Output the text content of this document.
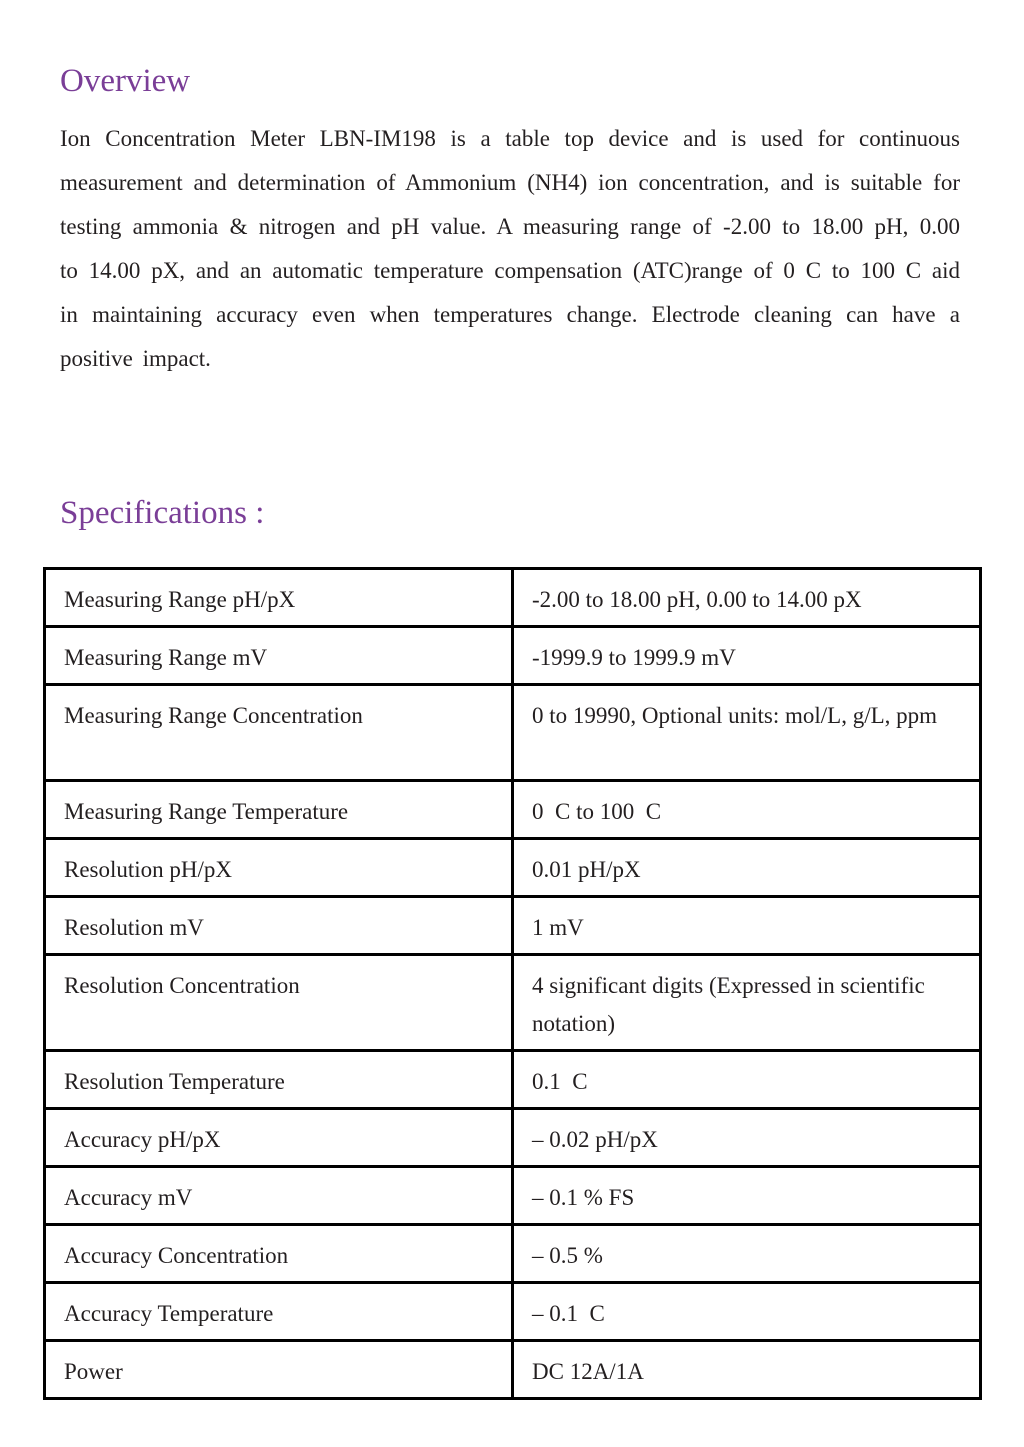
Overview

Ion Concentration Meter LBN-IM198 is a table top device and is used for continuous measurement and determination of Ammonium (NH4) ion concentration, and is suitable for testing ammonia & nitrogen and pH value. A measuring range of -2.00 to 18.00 pH, 0.00 to 14.00 pX, and an automatic temperature compensation (ATC)range of 0 C to 100 C aid in maintaining accuracy even when temperatures change. Electrode cleaning can have a positive impact.

Specifications :
Measuring Range pH/pX	-2.00 to 18.00 pH, 0.00 to 14.00 pX
Measuring Range mV	-1999.9 to 1999.9 mV
Measuring Range Concentration	0 to 19990, Optional units: mol/L, g/L, ppm
Measuring Range Temperature	0  C to 100  C
Resolution pH/pX	0.01 pH/pX
Resolution mV	1 mV
Resolution Concentration	4 significant digits (Expressed in scientific notation)
Resolution Temperature	0.1  C
Accuracy pH/pX	– 0.02 pH/pX
Accuracy mV	– 0.1 % FS
Accuracy Concentration	– 0.5 %
Accuracy Temperature	– 0.1  C
Power	DC 12A/1A
